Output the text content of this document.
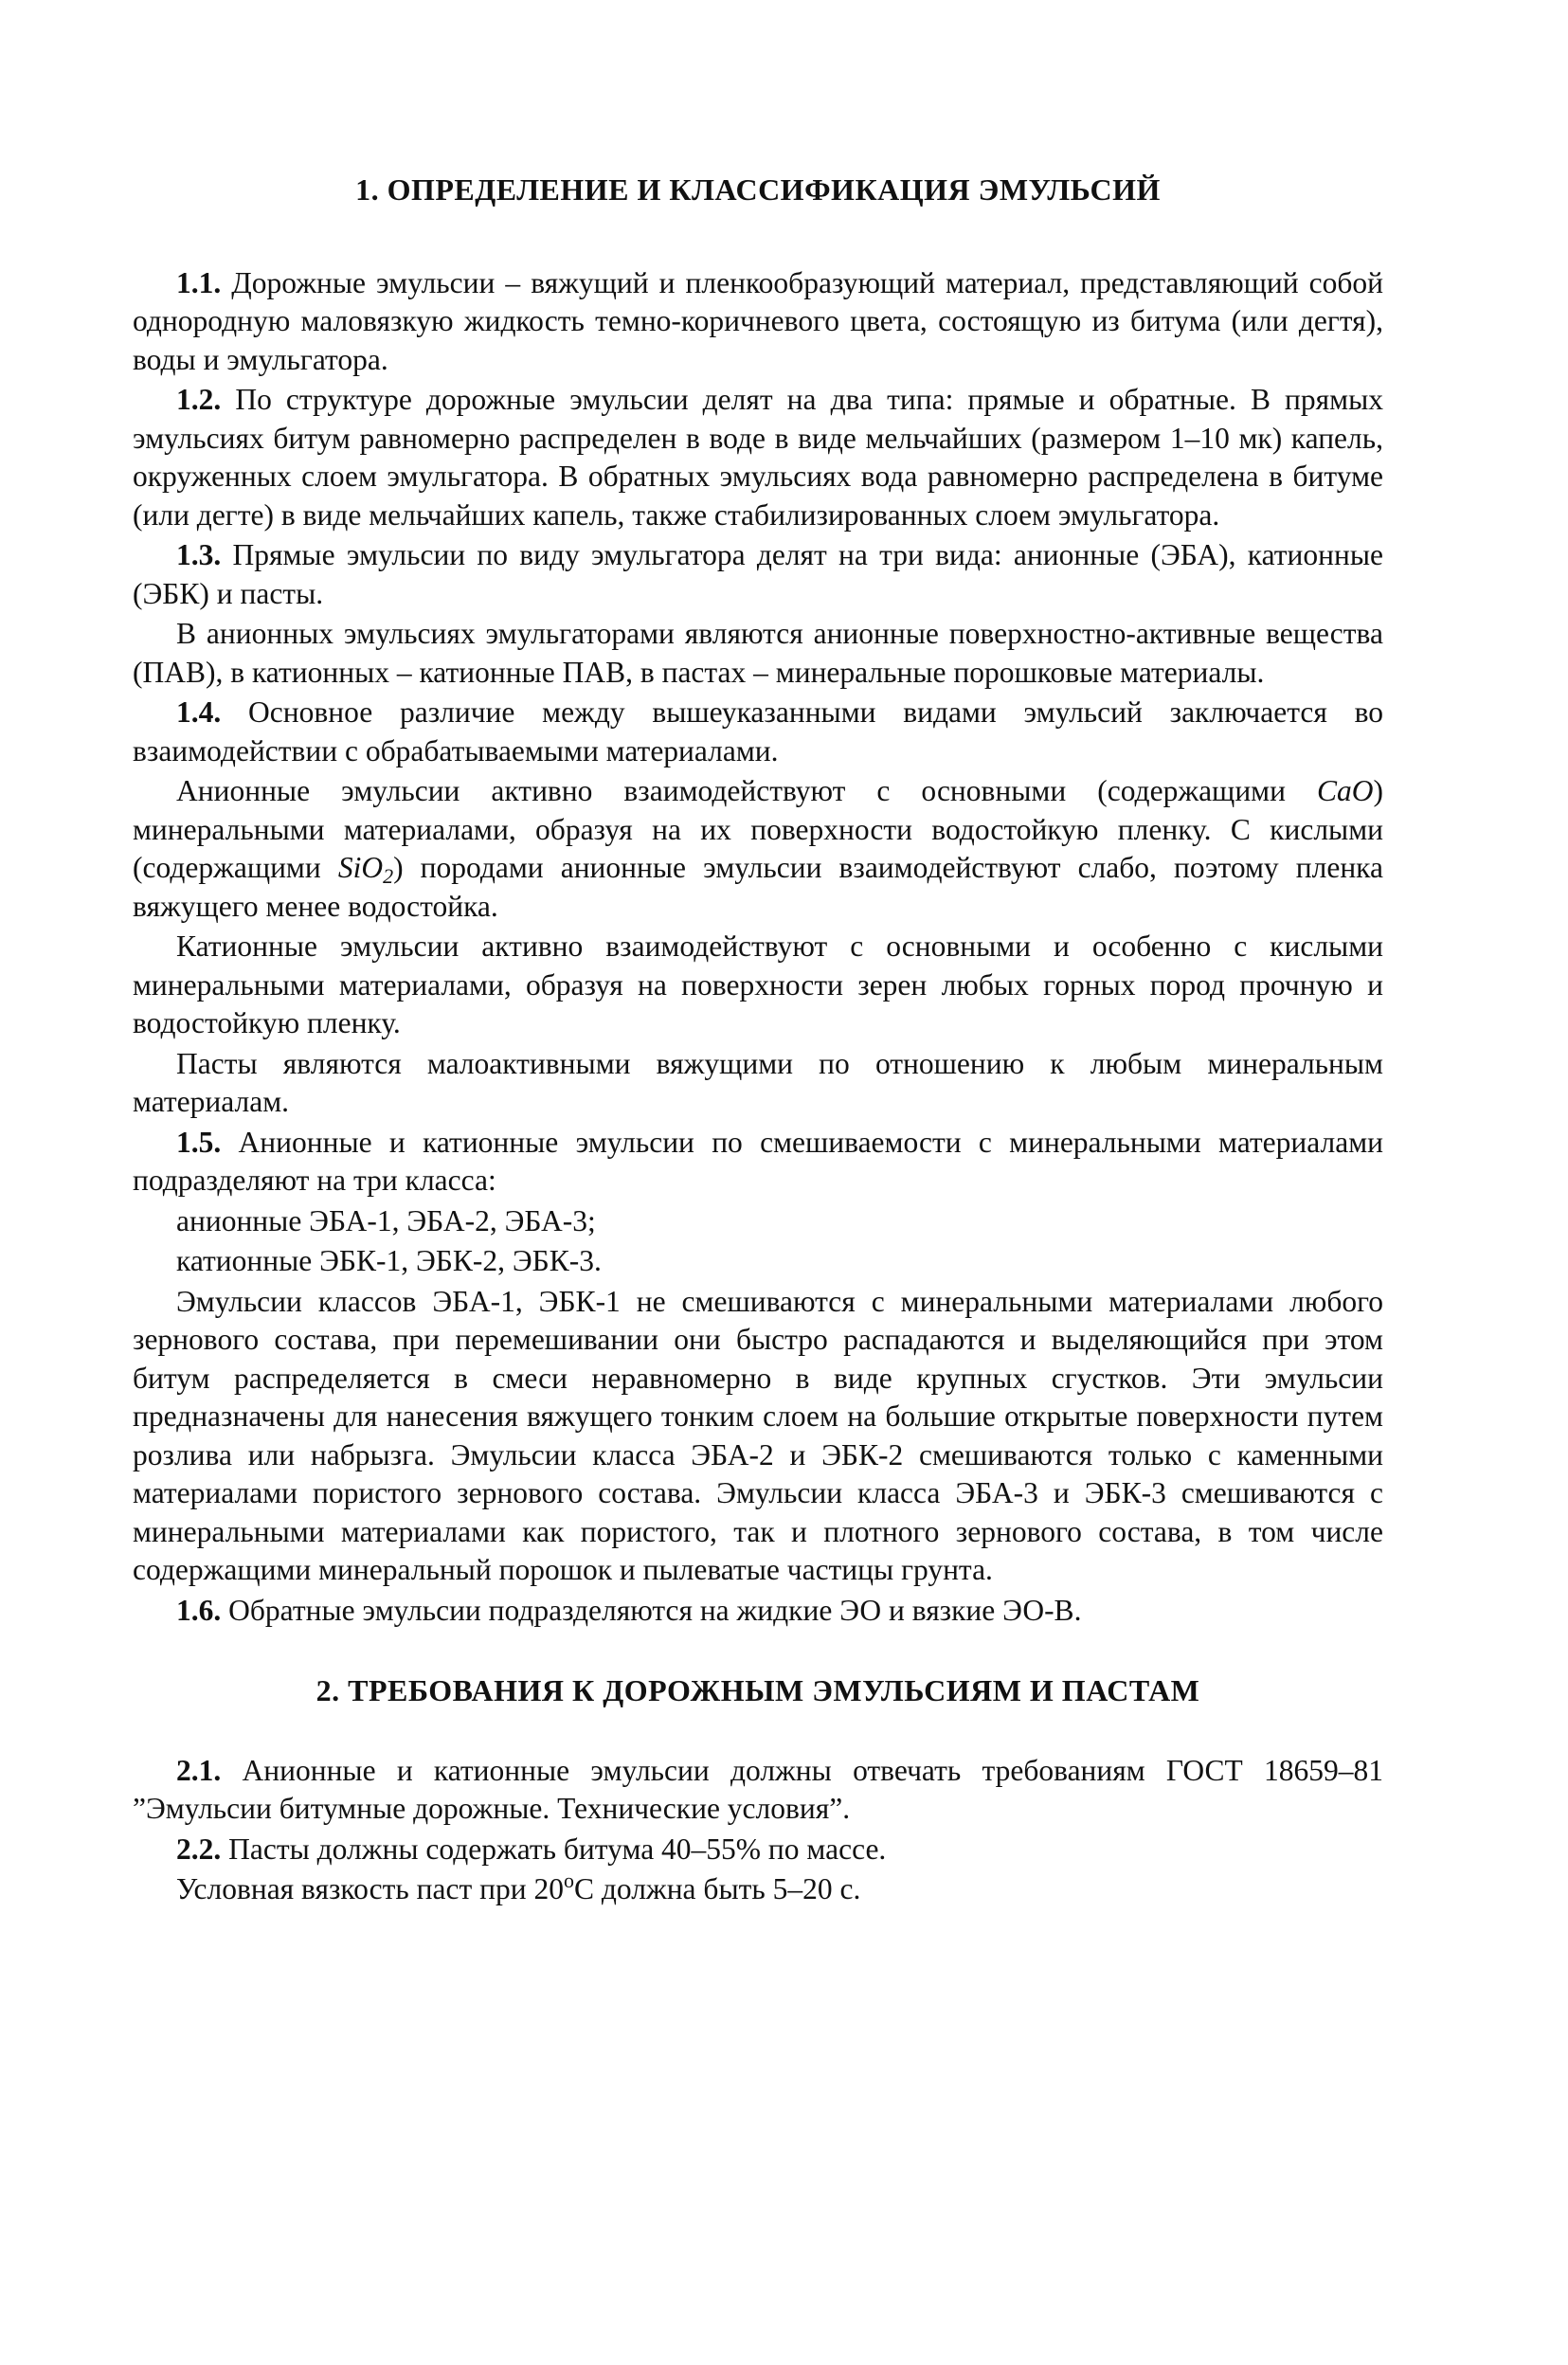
1. ОПРЕДЕЛЕНИЕ И КЛАССИФИКАЦИЯ ЭМУЛЬСИЙ

1.1. Дорожные эмульсии – вяжущий и пленкообразующий материал, представляющий собой однородную маловязкую жидкость темно-коричневого цвета, состоящую из битума (или дегтя), воды и эмульгатора.

1.2. По структуре дорожные эмульсии делят на два типа: прямые и обратные. В прямых эмульсиях битум равномерно распределен в воде в виде мельчайших (размером 1–10 мк) капель, окруженных слоем эмульгатора. В обратных эмульсиях вода равномерно распределена в битуме (или дегте) в виде мельчайших капель, также стабилизированных слоем эмульгатора.

1.3. Прямые эмульсии по виду эмульгатора делят на три вида: анионные (ЭБА), катионные (ЭБК) и пасты.

В анионных эмульсиях эмульгаторами являются анионные поверхностно-активные вещества (ПАВ), в катионных – катионные ПАВ, в пастах – минеральные порошковые материалы.

1.4. Основное различие между вышеуказанными видами эмульсий заключается во взаимодействии с обрабатываемыми материалами.

Анионные эмульсии активно взаимодействуют с основными (содержащими CaO) минеральными материалами, образуя на их поверхности водостойкую пленку. С кислыми (содержащими SiO$_2$) породами анионные эмульсии взаимодействуют слабо, поэтому пленка вяжущего менее водостойка.

Катионные эмульсии активно взаимодействуют с основными и особенно с кислыми минеральными материалами, образуя на поверхности зерен любых горных пород прочную и водостойкую пленку.

Пасты являются малоактивными вяжущими по отношению к любым минеральным материалам.

1.5. Анионные и катионные эмульсии по смешиваемости с минеральными материалами подразделяют на три класса:

анионные ЭБА-1, ЭБА-2, ЭБА-3;

катионные ЭБК-1, ЭБК-2, ЭБК-3.

Эмульсии классов ЭБА-1, ЭБК-1 не смешиваются с минеральными материалами любого зернового состава, при перемешивании они быстро распадаются и выделяющийся при этом битум распределяется в смеси неравномерно в виде крупных сгустков. Эти эмульсии предназначены для нанесения вяжущего тонким слоем на большие открытые поверхности путем розлива или набрызга. Эмульсии класса ЭБА-2 и ЭБК-2 смешиваются только с каменными материалами пористого зернового состава. Эмульсии класса ЭБА-3 и ЭБК-3 смешиваются с минеральными материалами как пористого, так и плотного зернового состава, в том числе содержащими минеральный порошок и пылеватые частицы грунта.

1.6. Обратные эмульсии подразделяются на жидкие ЭО и вязкие ЭО-В.

2. ТРЕБОВАНИЯ К ДОРОЖНЫМ ЭМУЛЬСИЯМ И ПАСТАМ

2.1. Анионные и катионные эмульсии должны отвечать требованиям ГОСТ 18659–81 ”Эмульсии битумные дорожные. Технические условия”.

2.2. Пасты должны содержать битума 40–55% по массе.

Условная вязкость паст при 20$^o$С должна быть 5–20 с.
